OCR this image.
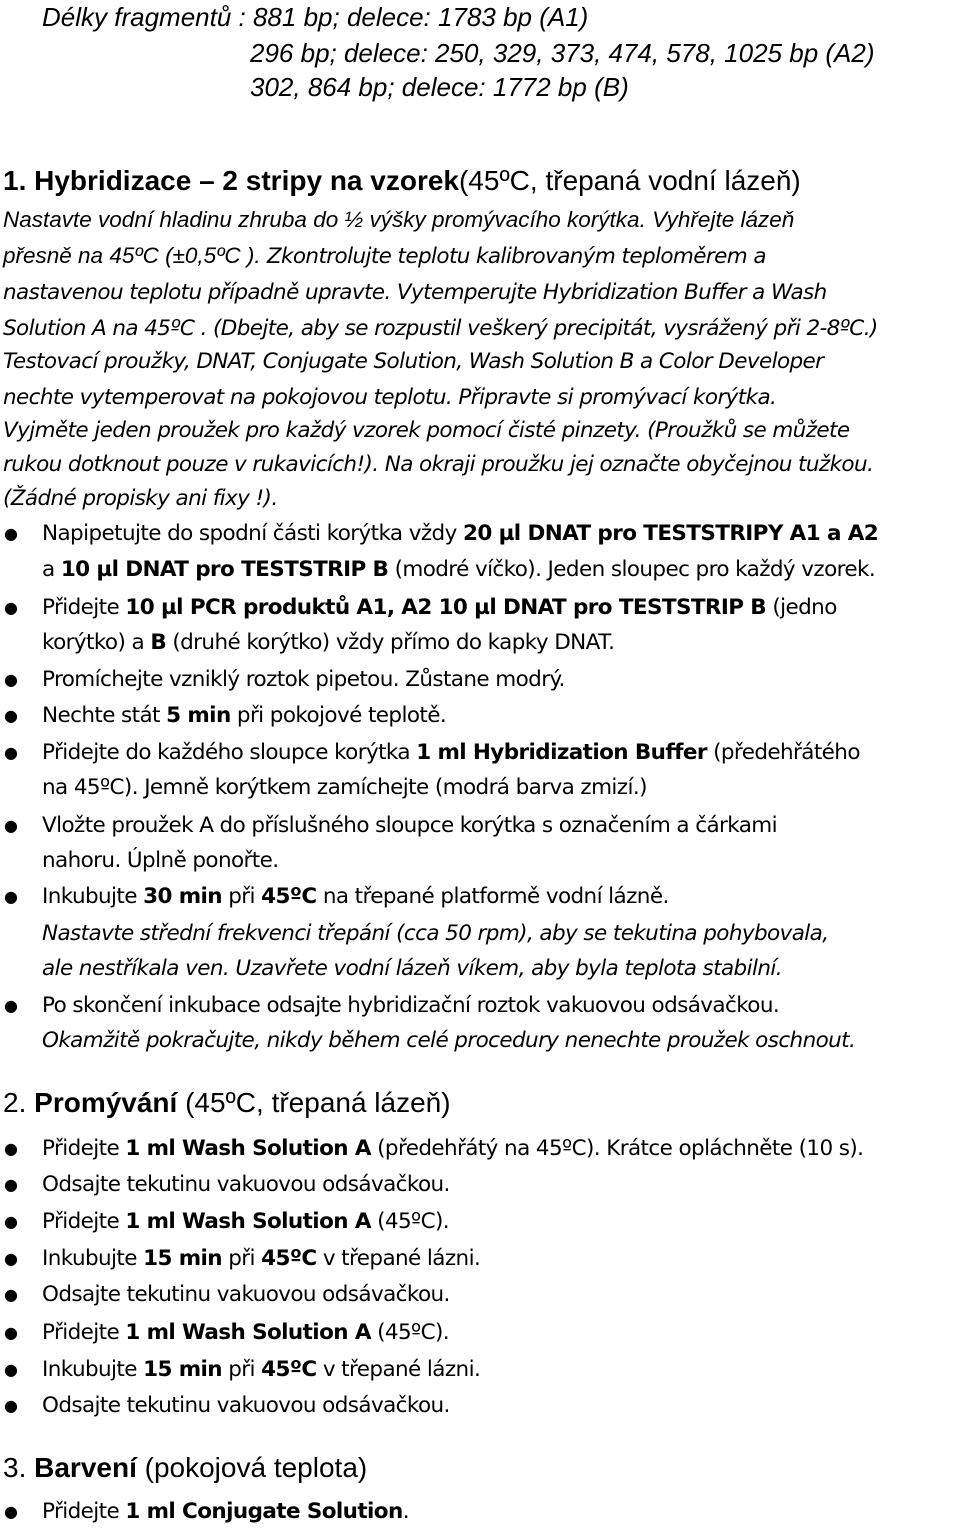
Délky fragmentů : 881 bp; delece: 1783 bp (A1)
296 bp; delece: 250, 329, 373, 474, 578, 1025 bp (A2)
302, 864 bp; delece: 1772 bp (B)
1. Hybridizace – 2 stripy na vzorek(45ºC, třepaná vodní lázeň)
Nastavte vodní hladinu zhruba do ½ výšky promývacího korýtka. Vyhřejte lázeň
přesně na 45ºC (±0,5ºC ). Zkontrolujte teplotu kalibrovaným teploměrem a
nastavenou teplotu případně upravte. Vytemperujte Hybridization Buffer a Wash
Solution A na 45ºC . (Dbejte, aby se rozpustil veškerý precipitát, vysrážený při 2-8ºC.)
Testovací proužky, DNAT, Conjugate Solution, Wash Solution B a Color Developer
nechte vytemperovat na pokojovou teplotu. Připravte si promývací korýtka.
Vyjměte jeden proužek pro každý vzorek pomocí čisté pinzety. (Proužků se můžete
rukou dotknout pouze v rukavicích!). Na okraji proužku jej označte obyčejnou tužkou.
(Žádné propisky ani fixy !).
● Napipetujte do spodní části korýtka vždy 20 µl DNAT pro TESTSTRIPY A1 a A2
a 10 µl DNAT pro TESTSTRIP B (modré víčko). Jeden sloupec pro každý vzorek.
● Přidejte 10 µl PCR produktů A1, A2 10 µl DNAT pro TESTSTRIP B (jedno
korýtko) a B (druhé korýtko) vždy přímo do kapky DNAT.
● Promíchejte vzniklý roztok pipetou. Zůstane modrý.
● Nechte stát 5 min při pokojové teplotě.
● Přidejte do každého sloupce korýtka 1 ml Hybridization Buffer (předehřátého
na 45ºC). Jemně korýtkem zamíchejte (modrá barva zmizí.)
● Vložte proužek A do příslušného sloupce korýtka s označením a čárkami
nahoru. Úplně ponořte.
● Inkubujte 30 min při 45ºC na třepané platformě vodní lázně.
Nastavte střední frekvenci třepání (cca 50 rpm), aby se tekutina pohybovala,
ale nestříkala ven. Uzavřete vodní lázeň víkem, aby byla teplota stabilní.
● Po skončení inkubace odsajte hybridizační roztok vakuovou odsávačkou.
Okamžitě pokračujte, nikdy během celé procedury nenechte proužek oschnout.
2. Promývání (45ºC, třepaná lázeň)
● Přidejte 1 ml Wash Solution A (předehřátý na 45ºC). Krátce opláchněte (10 s).
● Odsajte tekutinu vakuovou odsávačkou.
● Přidejte 1 ml Wash Solution A (45ºC).
● Inkubujte 15 min při 45ºC v třepané lázni.
● Odsajte tekutinu vakuovou odsávačkou.
● Přidejte 1 ml Wash Solution A (45ºC).
● Inkubujte 15 min při 45ºC v třepané lázni.
● Odsajte tekutinu vakuovou odsávačkou.
3. Barvení (pokojová teplota)
● Přidejte 1 ml Conjugate Solution.
